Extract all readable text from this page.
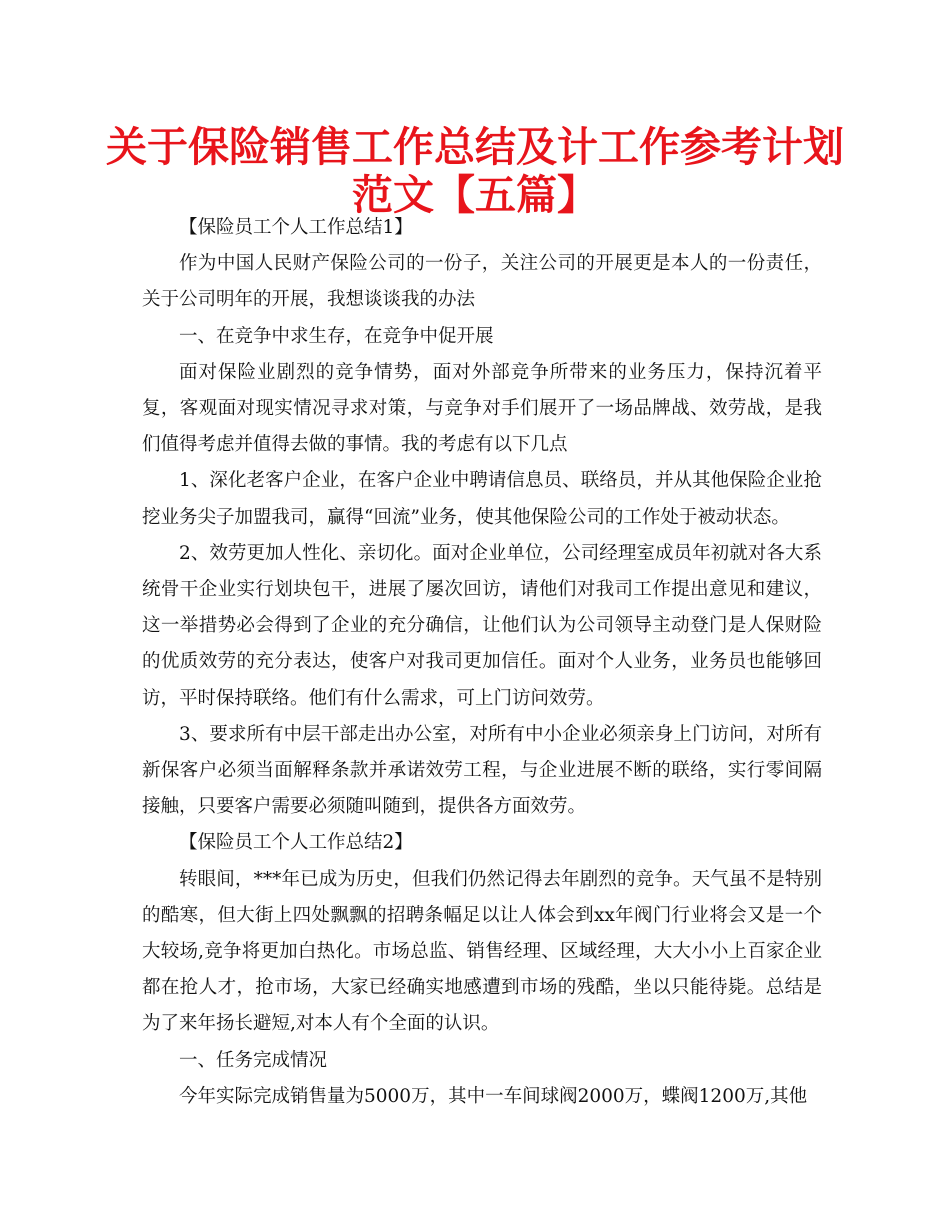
关于保险销售工作总结及计工作参考计划
范文【五篇】

【保险员工个人工作总结1】

作为中国人民财产保险公司的一份子，关注公司的开展更是本人的一份责任，关于公司明年的开展，我想谈谈我的办法

一、在竞争中求生存，在竞争中促开展

面对保险业剧烈的竞争情势，面对外部竞争所带来的业务压力，保持沉着平复，客观面对现实情况寻求对策，与竞争对手们展开了一场品牌战、效劳战，是我们值得考虑并值得去做的事情。我的考虑有以下几点

1、深化老客户企业，在客户企业中聘请信息员、联络员，并从其他保险企业抢挖业务尖子加盟我司，赢得“回流”业务，使其他保险公司的工作处于被动状态。

2、效劳更加人性化、亲切化。面对企业单位，公司经理室成员年初就对各大系统骨干企业实行划块包干，进展了屡次回访，请他们对我司工作提出意见和建议，这一举措势必会得到了企业的充分确信，让他们认为公司领导主动登门是人保财险的优质效劳的充分表达，使客户对我司更加信任。面对个人业务，业务员也能够回访，平时保持联络。他们有什么需求，可上门访问效劳。

3、要求所有中层干部走出办公室，对所有中小企业必须亲身上门访问，对所有新保客户必须当面解释条款并承诺效劳工程，与企业进展不断的联络，实行零间隔接触，只要客户需要必须随叫随到，提供各方面效劳。

【保险员工个人工作总结2】

转眼间，***年已成为历史，但我们仍然记得去年剧烈的竞争。天气虽不是特别的酷寒，但大街上四处飘飘的招聘条幅足以让人体会到xx年阀门行业将会又是一个大较场,竞争将更加白热化。市场总监、销售经理、区域经理，大大小小上百家企业都在抢人才，抢市场，大家已经确实地感遭到市场的残酷，坐以只能待毙。总结是为了来年扬长避短,对本人有个全面的认识。

一、任务完成情况

今年实际完成销售量为5000万，其中一车间球阀2000万，蝶阀1200万,其他
